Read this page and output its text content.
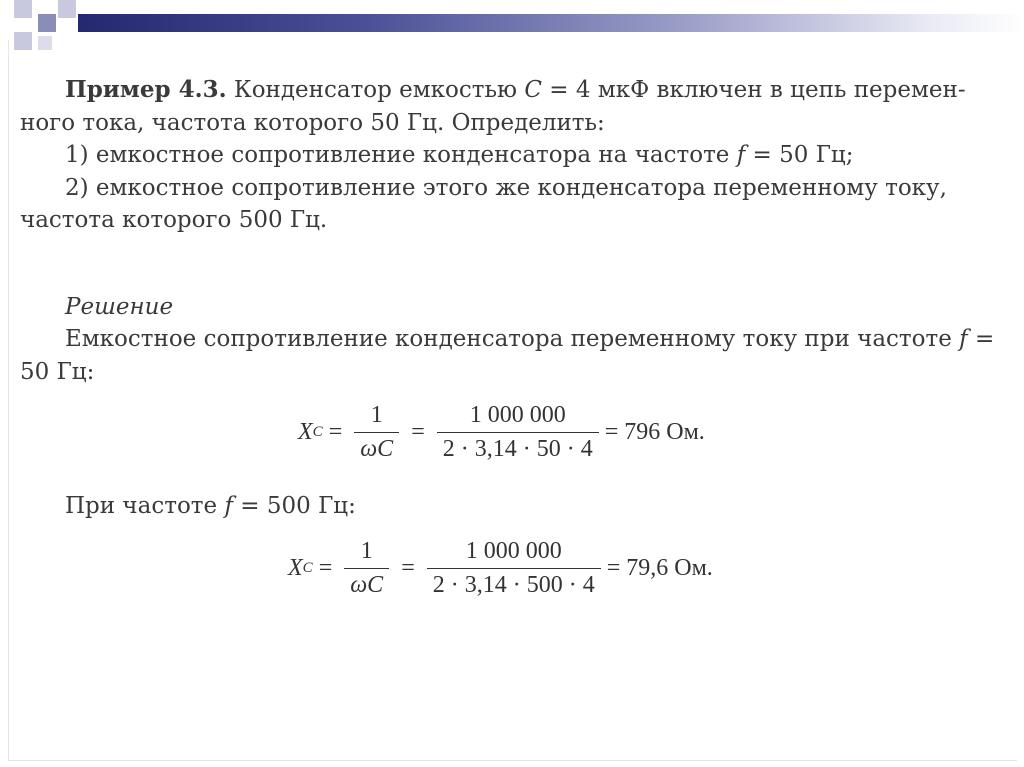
Пример 4.3. Конденсатор емкостью C = 4 мкФ включен в цепь перемен-ного тока, частота которого 50 Гц. Определить:

1) емкостное сопротивление конденсатора на частоте f = 50 Гц;

2) емкостное сопротивление этого же конденсатора переменному току, частота которого 500 Гц.

Решение

Емкостное сопротивление конденсатора переменному току при частоте f = 50 Гц:

X $C = \frac{1}{\omega C} = \frac{1 000 000}{2 \cdot 3,14 \cdot 50 \cdot 4} = 796$ Ом.

При частоте f = 500 Гц:

X $C = \frac{1}{\omega C} = \frac{1 000 000}{2 \cdot 3,14 \cdot 500 \cdot 4} = 79,6$ Ом.
